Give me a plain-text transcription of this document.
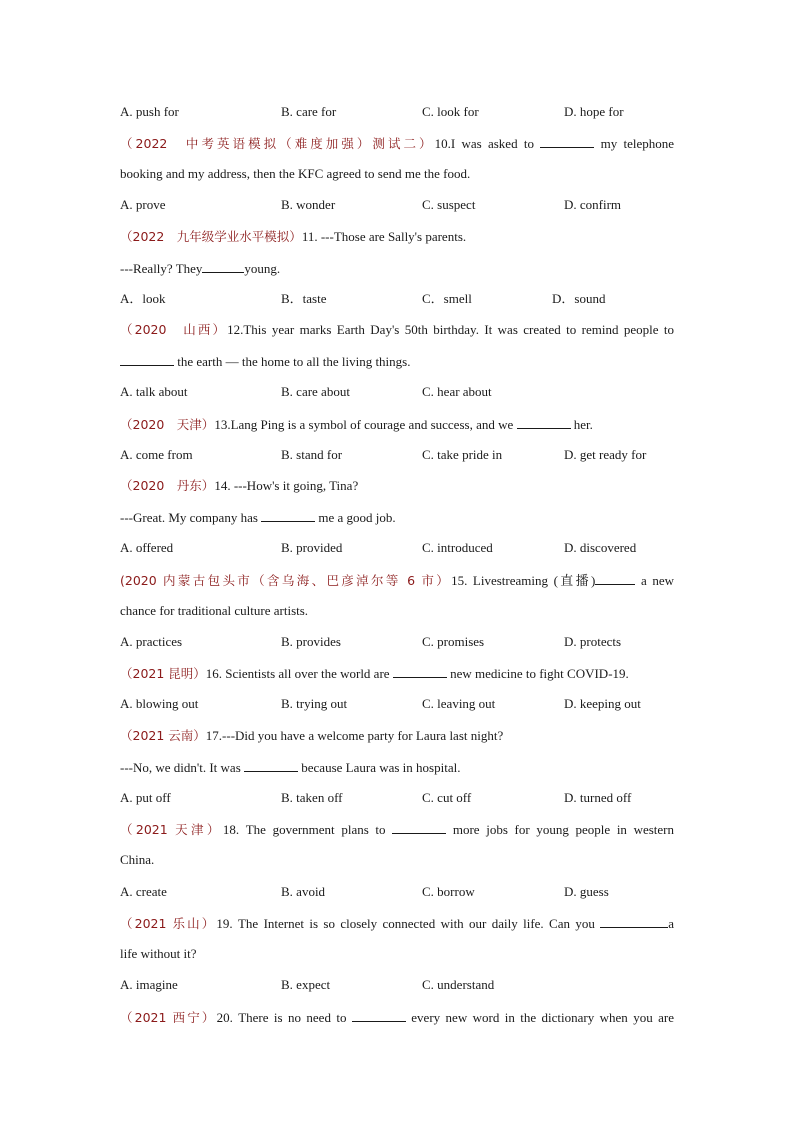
A. push for	B. care for	C. look for	D. hope for
（2022　中考英语模拟（难度加强）测试二）10.I was asked to	my telephone
booking and my address, then the KFC agreed to send me the food.
A. prove	B. wonder	C. suspect	D. confirm
（2022　九年级学业水平模拟）11. ---Those are Sally's parents.
---Really? They	young.
A．look	B．taste	C．smell	D．sound
（2020　山西）12.This year marks Earth Day's 50th birthday. It was created to remind people to
the earth — the home to all the living things.
A. talk about	B. care about	C. hear about
（2020　天津）13.Lang Ping is a symbol of courage and success, and we	her.
A. come from	B. stand for	C. take pride in	D. get ready for
（2020　丹东）14. ---How's it going, Tina?
---Great. My company has	me a good job.
A. offered	B. provided	C. introduced	D. discovered
(2020 内蒙古包头市（含乌海、巴彦淖尔等 6 市）15. Livestreaming (直播)	a new
chance for traditional culture artists.
A. practices	B. provides	C. promises	D. protects
（2021 昆明）16. Scientists all over the world are	new medicine to fight COVID-19.
A. blowing out	B. trying out	C. leaving out	D. keeping out
（2021 云南）17.---Did you have a welcome party for Laura last night?
---No, we didn't. It was	because Laura was in hospital.
A. put off	B. taken off	C. cut off	D. turned off
（2021 天津）18. The government plans to	more jobs for young people in western
China.
A. create	B. avoid	C. borrow	D. guess
（2021 乐山）19. The Internet is so closely connected with our daily life. Can you	a
life without it?
A. imagine	B. expect	C. understand
（2021 西宁）20. There is no need to	every new word in the dictionary when you are
